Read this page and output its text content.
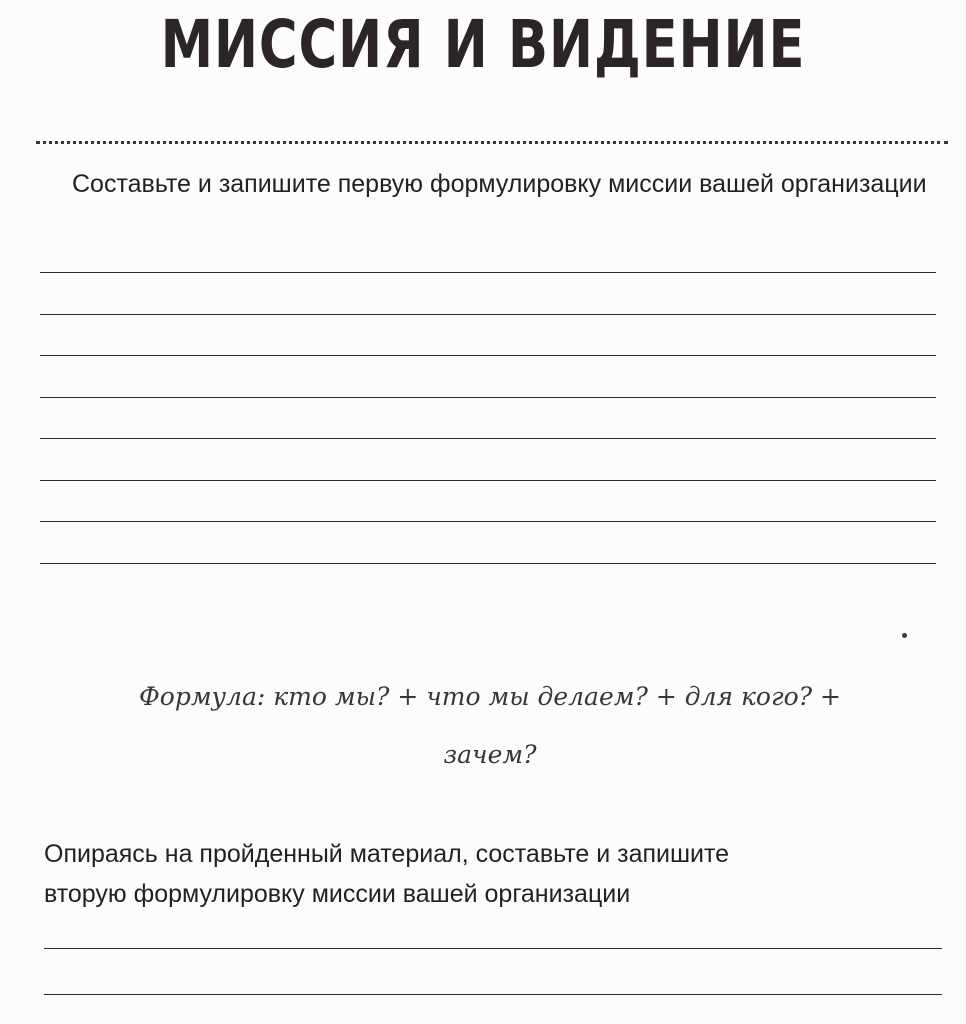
МИССИЯ И ВИДЕНИЕ
Составьте и запишите первую формулировку миссии вашей организации
Формула: кто мы? + что мы делаем? + для кого? +
зачем?
Опираясь на пройденный материал, составьте и запишите
вторую формулировку миссии вашей организации
